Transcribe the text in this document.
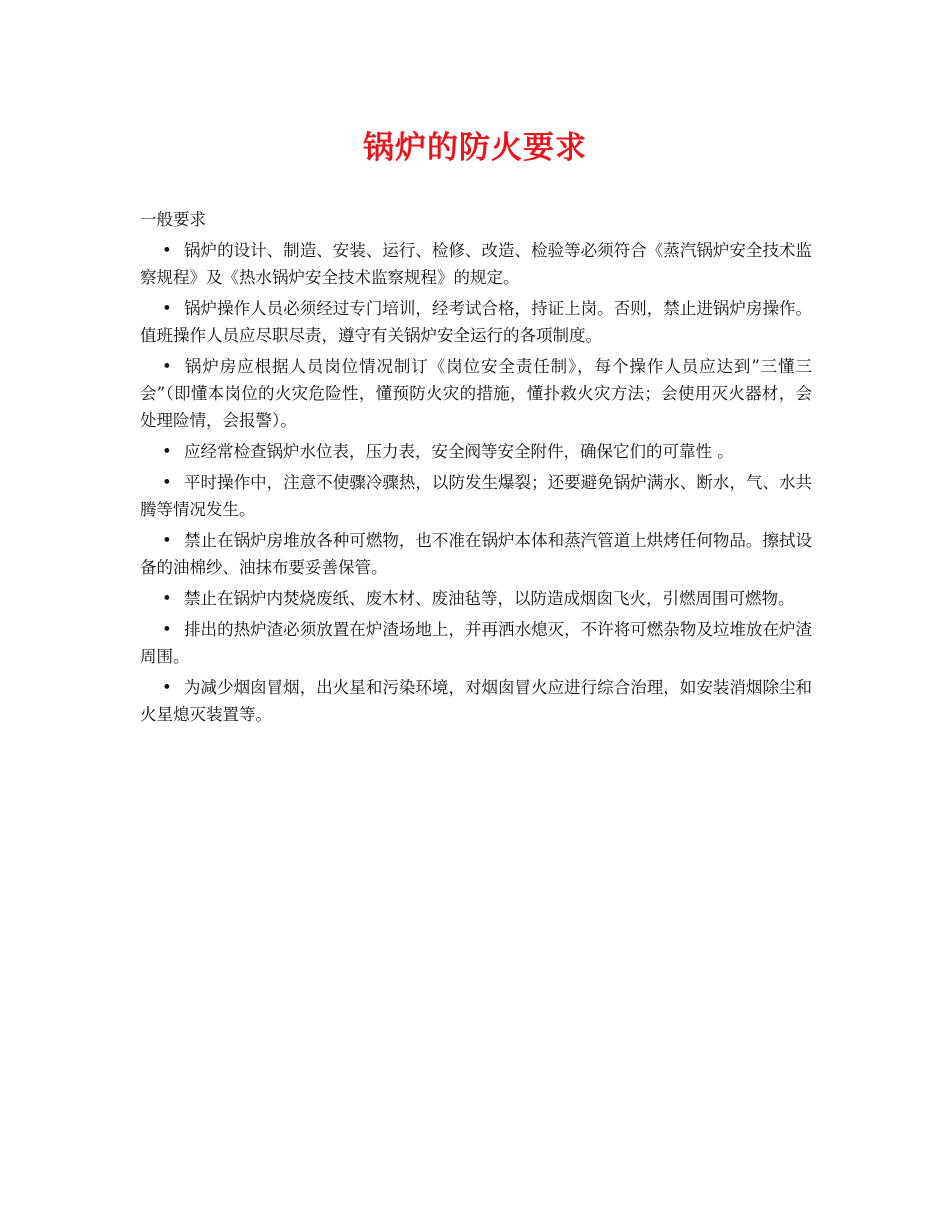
锅炉的防火要求
一般要求
• 锅炉的设计、制造、安装、运行、检修、改造、检验等必须符合《蒸汽锅炉安全技术监察规程》及《热水锅炉安全技术监察规程》的规定。
• 锅炉操作人员必须经过专门培训，经考试合格，持证上岗。否则，禁止进锅炉房操作。值班操作人员应尽职尽责，遵守有关锅炉安全运行的各项制度。
• 锅炉房应根据人员岗位情况制订《岗位安全责任制》，每个操作人员应达到”三懂三会”（即懂本岗位的火灾危险性，懂预防火灾的措施，懂扑救火灾方法；会使用灭火器材，会处理险情，会报警）。
• 应经常检查锅炉水位表，压力表，安全阀等安全附件，确保它们的可靠性 。
• 平时操作中，注意不使骤冷骤热，以防发生爆裂；还要避免锅炉满水、断水，气、水共腾等情况发生。
• 禁止在锅炉房堆放各种可燃物，也不准在锅炉本体和蒸汽管道上烘烤任何物品。擦拭设备的油棉纱、油抹布要妥善保管。
• 禁止在锅炉内焚烧废纸、废木材、废油毡等，以防造成烟囱飞火，引燃周围可燃物。
• 排出的热炉渣必须放置在炉渣场地上，并再洒水熄灭，不许将可燃杂物及垃堆放在炉渣周围。
• 为减少烟囱冒烟，出火星和污染环境，对烟囱冒火应进行综合治理，如安装消烟除尘和火星熄灭装置等。
